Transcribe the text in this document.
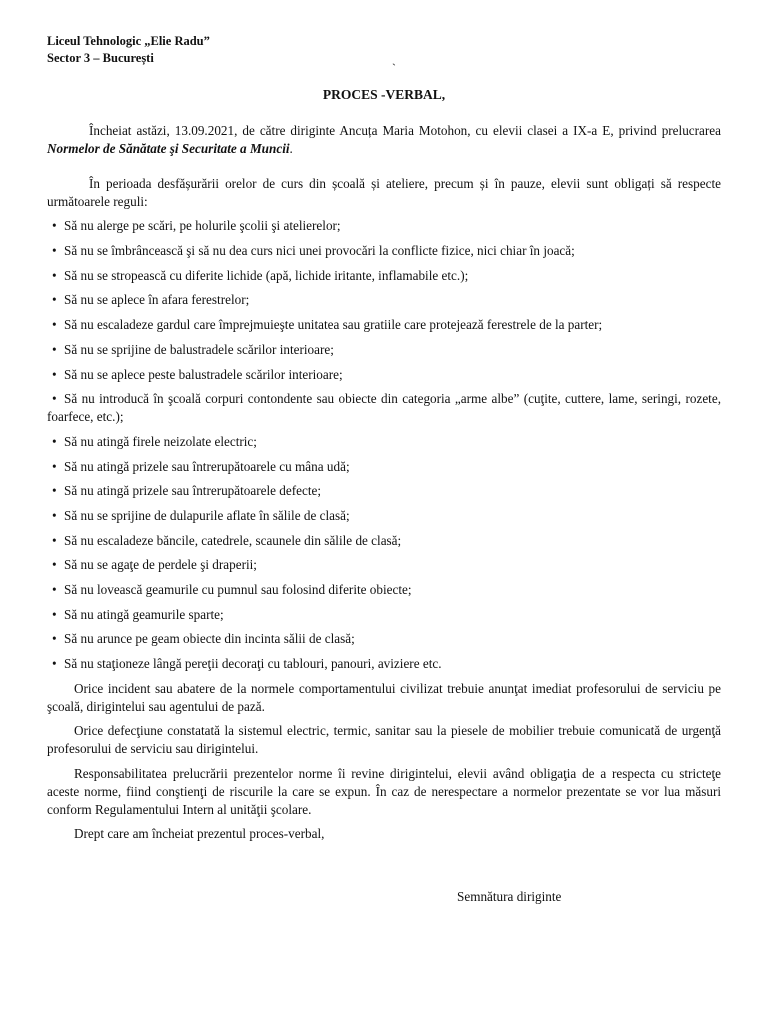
Liceul Tehnologic „Elie Radu”
Sector 3 – București
`
PROCES -VERBAL,

Încheiat astăzi, 13.09.2021, de către diriginte Ancuța Maria Motohon, cu elevii clasei a IX-a E, privind prelucrarea Normelor de Sănătate şi Securitate a Muncii.

În perioada desfășurării orelor de curs din școală și ateliere, precum și în pauze, elevii sunt obligați să respecte următoarele reguli:

• Să nu alerge pe scări, pe holurile şcolii şi atelierelor;
• Să nu se îmbrâncească şi să nu dea curs nici unei provocări la conflicte fizice, nici chiar în joacă;
• Să nu se stropească cu diferite lichide (apă, lichide iritante, inflamabile etc.);
• Să nu se aplece în afara ferestrelor;
• Să nu escaladeze gardul care împrejmuieşte unitatea sau gratiile care protejează ferestrele de la parter;
• Să nu se sprijine de balustradele scărilor interioare;
• Să nu se aplece peste balustradele scărilor interioare;
• Să nu introducă în şcoală corpuri contondente sau obiecte din categoria „arme albe” (cuţite, cuttere, lame, seringi, rozete, foarfece, etc.);
• Să nu atingă firele neizolate electric;
• Să nu atingă prizele sau întrerupătoarele cu mâna udă;
• Să nu atingă prizele sau întrerupătoarele defecte;
• Să nu se sprijine de dulapurile aflate în sălile de clasă;
• Să nu escaladeze băncile, catedrele, scaunele din sălile de clasă;
• Să nu se agaţe de perdele şi draperii;
• Să nu lovească geamurile cu pumnul sau folosind diferite obiecte;
• Să nu atingă geamurile sparte;
• Să nu arunce pe geam obiecte din incinta sălii de clasă;
• Să nu staţioneze lângă pereţii decoraţi cu tablouri, panouri, aviziere etc.

Orice incident sau abatere de la normele comportamentului civilizat trebuie anunţat imediat profesorului de serviciu pe şcoală, dirigintelui sau agentului de pază.

Orice defecţiune constatată la sistemul electric, termic, sanitar sau la piesele de mobilier trebuie comunicată de urgenţă profesorului de serviciu sau dirigintelui.

Responsabilitatea prelucrării prezentelor norme îi revine dirigintelui, elevii având obligaţia de a respecta cu stricteţe aceste norme, fiind conştienţi de riscurile la care se expun. În caz de nerespectare a normelor prezentate se vor lua măsuri conform Regulamentului Intern al unităţii şcolare.

Drept care am încheiat prezentul proces-verbal,

Semnătura diriginte
